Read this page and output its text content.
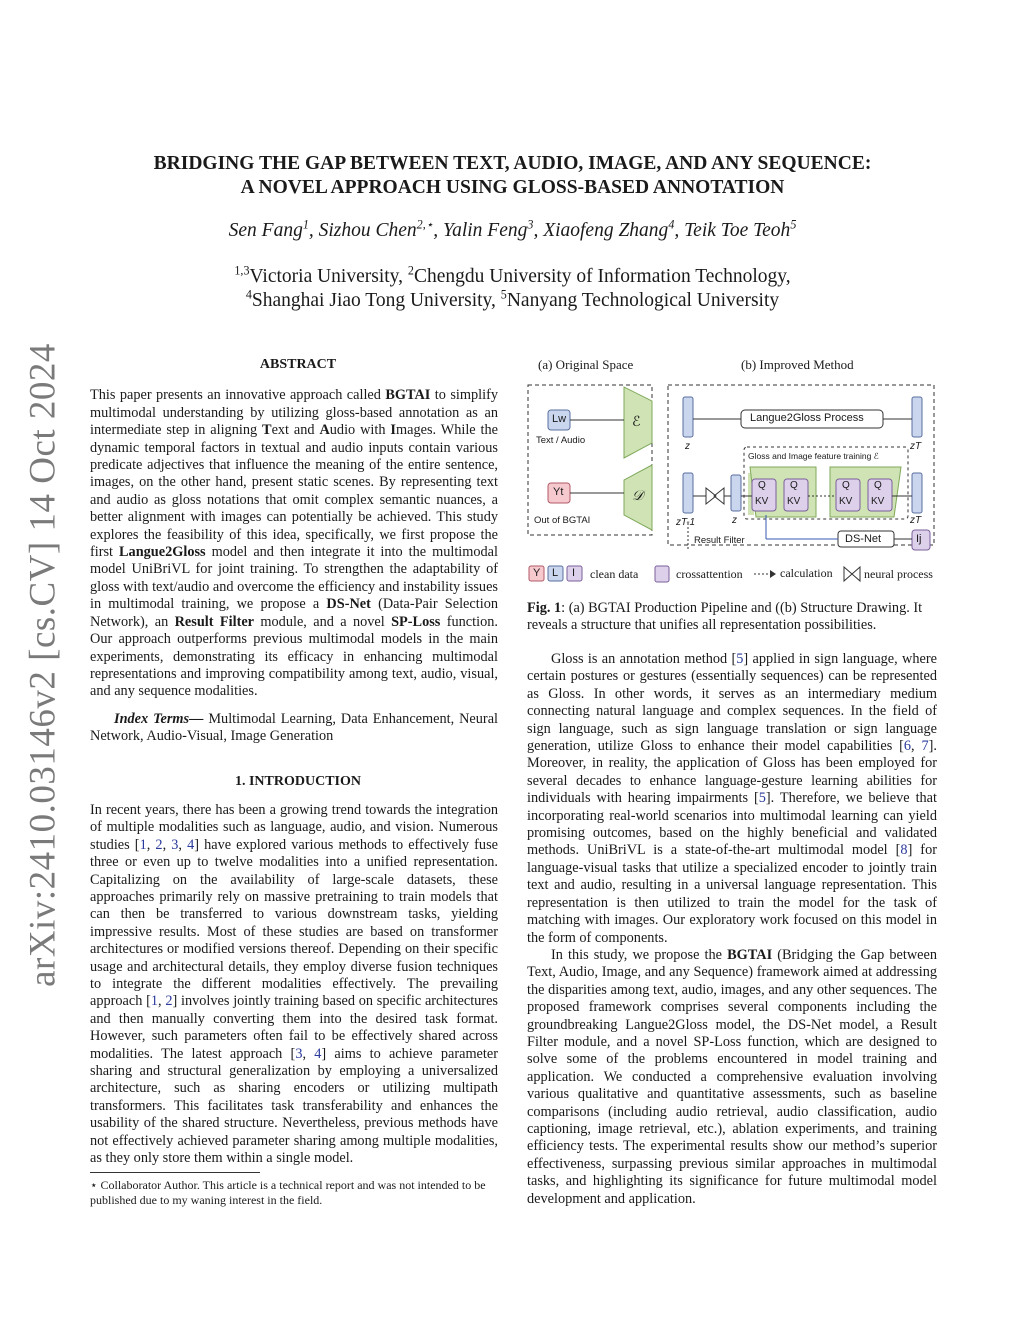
arXiv:2410.03146v2 [cs.CV] 14 Oct 2024
BRIDGING THE GAP BETWEEN TEXT, AUDIO, IMAGE, AND ANY SEQUENCE:
A NOVEL APPROACH USING GLOSS-BASED ANNOTATION
Sen Fang$^1$, Sizhou Chen$^{2,⋆}$, Yalin Feng$^3$, Xiaofeng Zhang$^4$, Teik Toe Teoh$^5$
$^{1,3}$Victoria University, $^2$Chengdu University of Information Technology,
$^4$Shanghai Jiao Tong University, $^5$Nanyang Technological University
ABSTRACT

This paper presents an innovative approach called BGTAI to simplify multimodal understanding by utilizing gloss-based annotation as an intermediate step in aligning Text and Audio with Images. While the dynamic temporal factors in textual and audio inputs contain various predicate adjectives that influence the meaning of the entire sentence, images, on the other hand, present static scenes. By representing text and audio as gloss notations that omit complex semantic nuances, a better alignment with images can potentially be achieved. This study explores the feasibility of this idea, specifically, we first propose the first Langue2Gloss model and then integrate it into the multimodal model UniBriVL for joint training. To strengthen the adaptability of gloss with text/audio and overcome the efficiency and instability issues in multimodal training, we propose a DS-Net (Data-Pair Selection Network), an Result Filter module, and a novel SP-Loss function. Our approach outperforms previous multimodal models in the main experiments, demonstrating its efficacy in enhancing multimodal representations and improving compatibility among text, audio, visual, and any sequence modalities.

Index Terms— Multimodal Learning, Data Enhancement, Neural Network, Audio-Visual, Image Generation

1. INTRODUCTION

In recent years, there has been a growing trend towards the integration of multiple modalities such as language, audio, and vision. Numerous studies [1, 2, 3, 4] have explored various methods to effectively fuse three or even up to twelve modalities into a unified representation. Capitalizing on the availability of large-scale datasets, these approaches primarily rely on massive pretraining to train models that can then be transferred to various downstream tasks, yielding impressive results. Most of these studies are based on transformer architectures or modified versions thereof. Depending on their specific usage and architectural details, they employ diverse fusion techniques to integrate the different modalities effectively. The prevailing approach [1, 2] involves jointly training based on specific architectures and then manually converting them into the desired task format. However, such parameters often fail to be effectively shared across modalities. The latest approach [3, 4] aims to achieve parameter sharing and structural generalization by employing a universalized architecture, such as sharing encoders or utilizing multipath transformers. This facilitates task transferability and enhances the usability of the shared structure. Nevertheless, previous methods have not effectively achieved parameter sharing among multiple modalities, as they only store them within a single model.

⋆ Collaborator Author. This article is a technical report and was not intended to be published due to my waning interest in the field.
(a) Original Space	(b) Improved Method
Lw
Text / Audio
Yt
Out of BGTAI
ℰ
𝒟
Langue2Gloss Process
Gloss and Image feature training ℰ
z
z
zT
zT
zT-1
Q
KV
Q
KV
Q
KV
Q
KV
Result Filter	DS-Net	Ij
Y L I clean data	crossattention	calculation	neural process
Fig. 1: (a) BGTAI Production Pipeline and ((b) Structure Drawing. It reveals a structure that unifies all representation possibilities.

Gloss is an annotation method [5] applied in sign language, where certain postures or gestures (essentially sequences) can be represented as Gloss. In other words, it serves as an intermediary medium connecting natural language and complex sequences. In the field of sign language, such as sign language translation or sign language generation, utilize Gloss to enhance their model capabilities [6, 7]. Moreover, in reality, the application of Gloss has been employed for several decades to enhance language-gesture learning abilities for individuals with hearing impairments [5]. Therefore, we believe that incorporating real-world scenarios into multimodal learning can yield promising outcomes, based on the highly beneficial and validated methods. UniBriVL is a state-of-the-art multimodal model [8] for language-visual tasks that utilize a specialized encoder to jointly train text and audio, resulting in a universal language representation. This representation is then utilized to train the model for the task of matching with images. Our exploratory work focused on this model in the form of components.

In this study, we propose the BGTAI (Bridging the Gap between Text, Audio, Image, and any Sequence) framework aimed at addressing the disparities among text, audio, images, and any other sequences. The proposed framework comprises several components including the groundbreaking Langue2Gloss model, the DS-Net model, a Result Filter module, and a novel SP-Loss function, which are designed to solve some of the problems encountered in model training and application. We conducted a comprehensive evaluation involving various qualitative and quantitative assessments, such as baseline comparisons (including audio retrieval, audio classification, audio captioning, image retrieval, etc.), ablation experiments, and training efficiency tests. The experimental results show our method’s superior effectiveness, surpassing previous similar approaches in multimodal tasks, and highlighting its significance for future multimodal model development and application.
